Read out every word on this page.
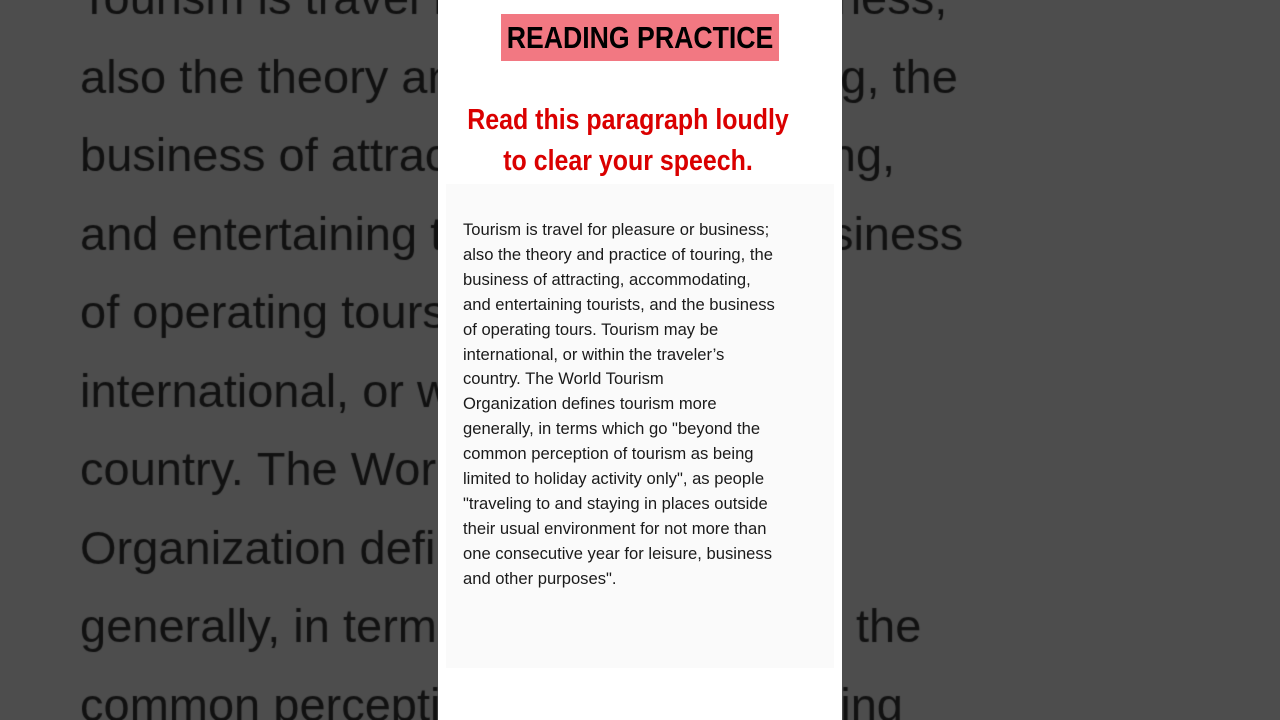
READING PRACTICE
Read this paragraph loudly
to clear your speech.
Tourism is travel for pleasure or business;
also the theory and practice of touring, the
business of attracting, accommodating,
and entertaining tourists, and the business
of operating tours. Tourism may be
international, or within the traveler’s
country. The World Tourism
Organization defines tourism more
generally, in terms which go "beyond the
common perception of tourism as being
limited to holiday activity only", as people
"traveling to and staying in places outside
their usual environment for not more than
one consecutive year for leisure, business
and other purposes".
